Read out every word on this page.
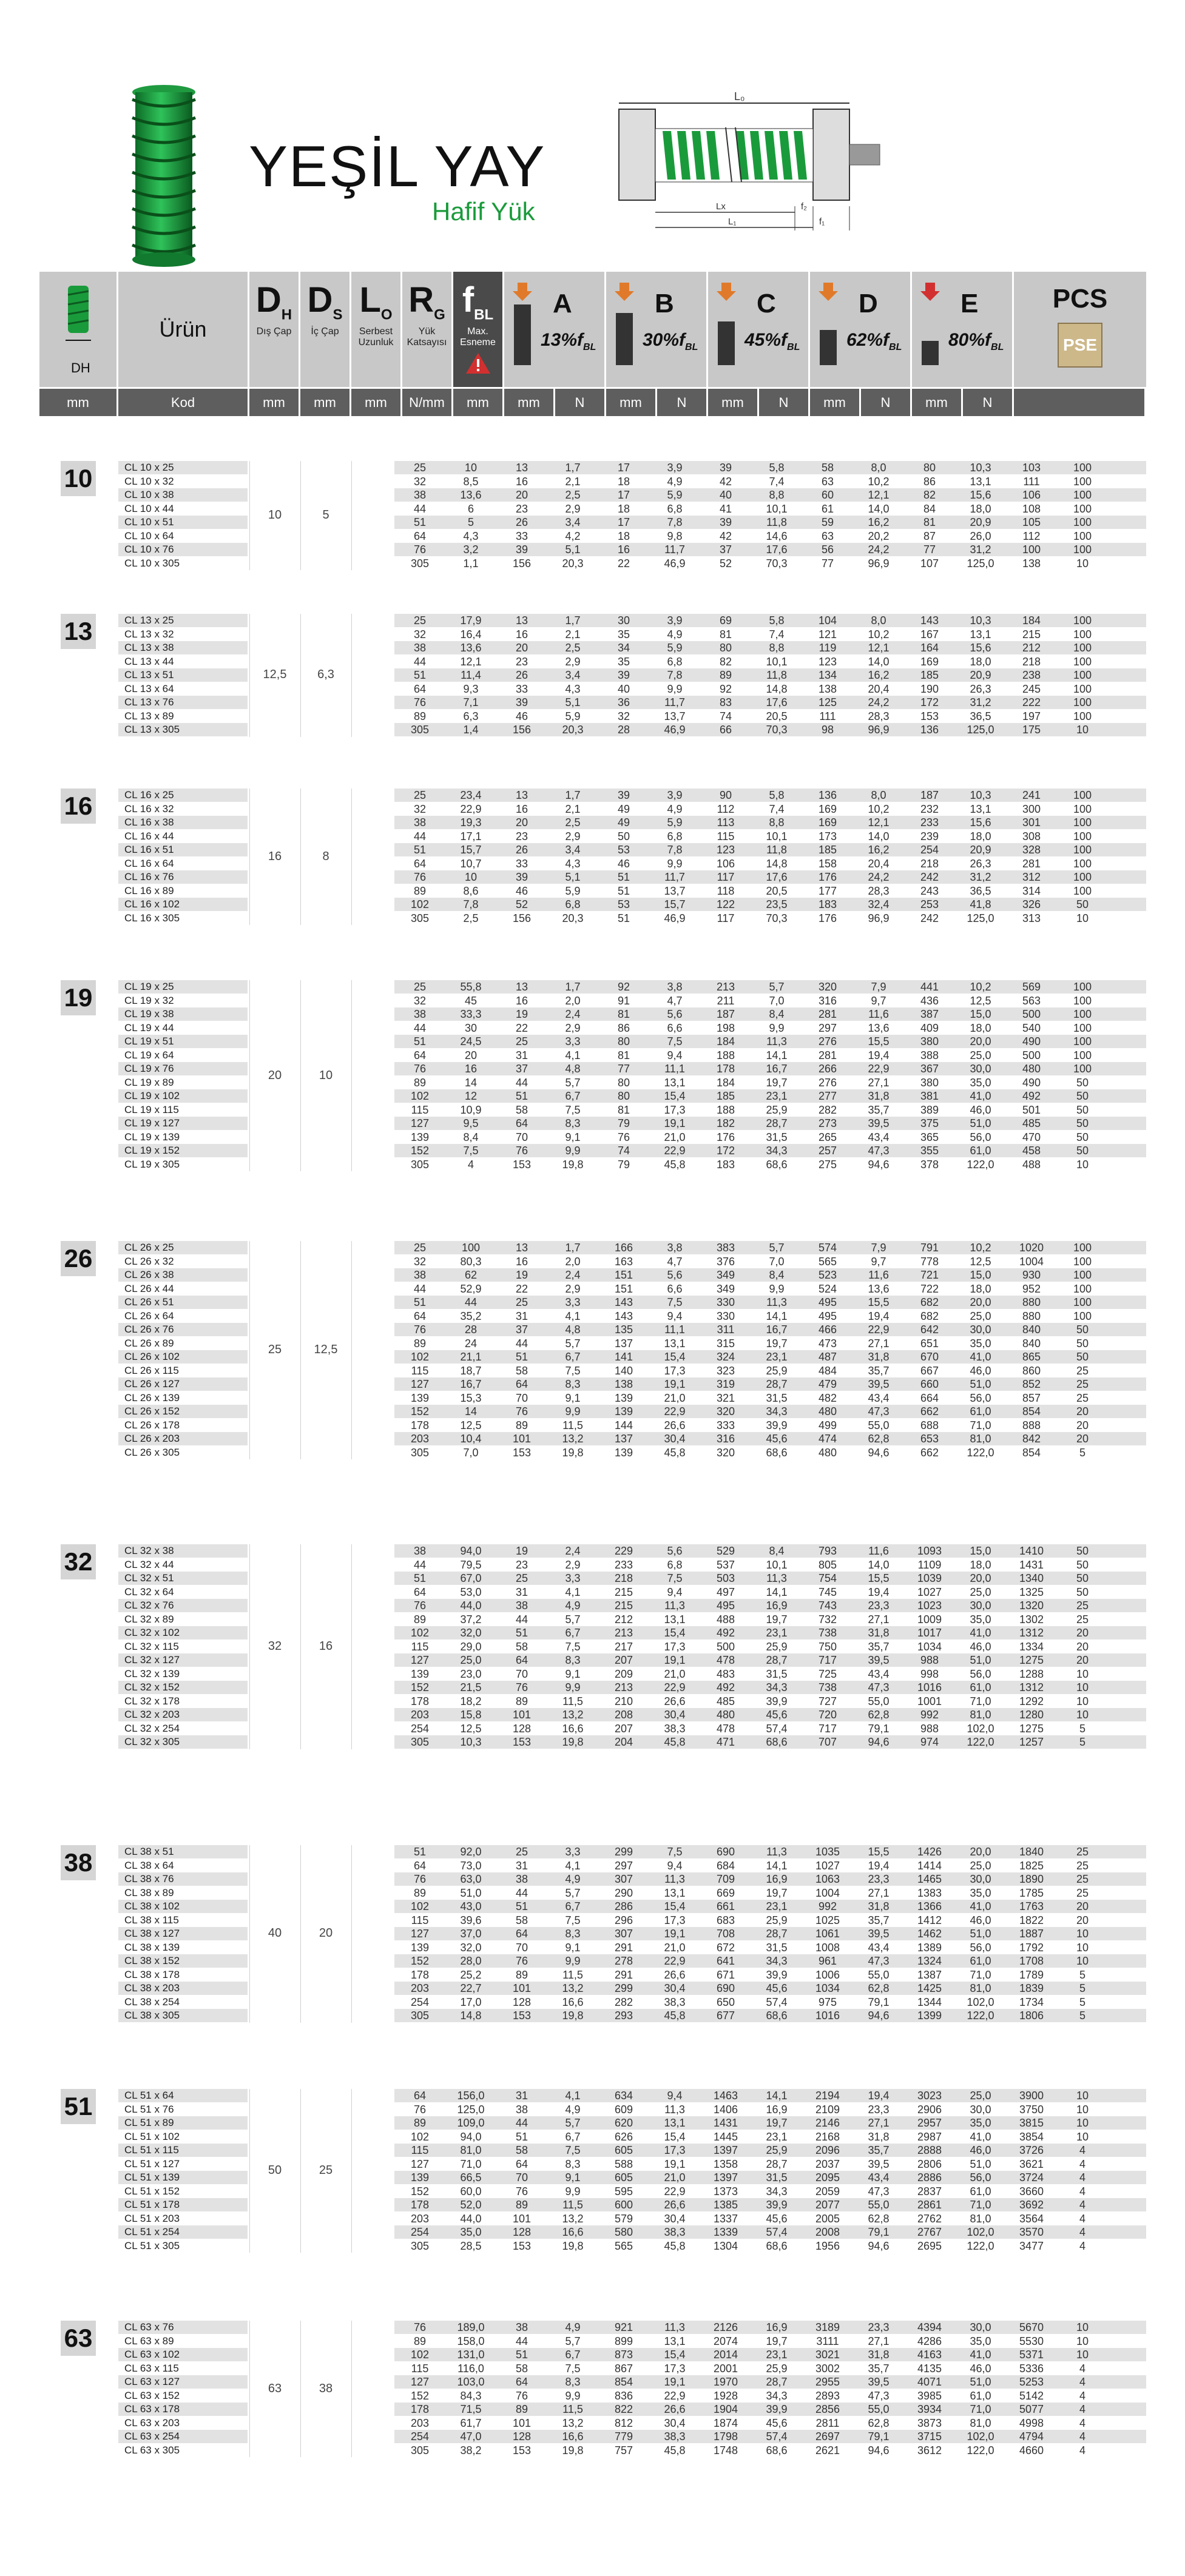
YEŞİL YAY
Hafif Yük
L₀
Lx
L₁
f₂
f₁
DH
Ürün
$D_H$
Dış Çap
$D_S$
İç Çap
$L_O$
Serbest Uzunluk
$R_G$
Yük Katsayısı
$f_{BL}$
Max. Esneme
A
$13\%f_{BL}$
B
$30\%f_{BL}$
C
$45\%f_{BL}$
D
$62\%f_{BL}$
E
$80\%f_{BL}$
PCS
PSE
mm	Kod	mm	mm	mm	N/mm	mm	mm	N	mm	N	mm	N	mm	N	mm	N
10
10	5
CL 10 x 25	25	10	13	1,7	17	3,9	39	5,8	58	8,0	80	10,3	103	100
CL 10 x 32	32	8,5	16	2,1	18	4,9	42	7,4	63	10,2	86	13,1	111	100
CL 10 x 38	38	13,6	20	2,5	17	5,9	40	8,8	60	12,1	82	15,6	106	100
CL 10 x 44	44	6	23	2,9	18	6,8	41	10,1	61	14,0	84	18,0	108	100
CL 10 x 51	51	5	26	3,4	17	7,8	39	11,8	59	16,2	81	20,9	105	100
CL 10 x 64	64	4,3	33	4,2	18	9,8	42	14,6	63	20,2	87	26,0	112	100
CL 10 x 76	76	3,2	39	5,1	16	11,7	37	17,6	56	24,2	77	31,2	100	100
CL 10 x 305	305	1,1	156	20,3	22	46,9	52	70,3	77	96,9	107	125,0	138	10
13
12,5	6,3
CL 13 x 25	25	17,9	13	1,7	30	3,9	69	5,8	104	8,0	143	10,3	184	100
CL 13 x 32	32	16,4	16	2,1	35	4,9	81	7,4	121	10,2	167	13,1	215	100
CL 13 x 38	38	13,6	20	2,5	34	5,9	80	8,8	119	12,1	164	15,6	212	100
CL 13 x 44	44	12,1	23	2,9	35	6,8	82	10,1	123	14,0	169	18,0	218	100
CL 13 x 51	51	11,4	26	3,4	39	7,8	89	11,8	134	16,2	185	20,9	238	100
CL 13 x 64	64	9,3	33	4,3	40	9,9	92	14,8	138	20,4	190	26,3	245	100
CL 13 x 76	76	7,1	39	5,1	36	11,7	83	17,6	125	24,2	172	31,2	222	100
CL 13 x 89	89	6,3	46	5,9	32	13,7	74	20,5	111	28,3	153	36,5	197	100
CL 13 x 305	305	1,4	156	20,3	28	46,9	66	70,3	98	96,9	136	125,0	175	10
16
16	8
CL 16 x 25	25	23,4	13	1,7	39	3,9	90	5,8	136	8,0	187	10,3	241	100
CL 16 x 32	32	22,9	16	2,1	49	4,9	112	7,4	169	10,2	232	13,1	300	100
CL 16 x 38	38	19,3	20	2,5	49	5,9	113	8,8	169	12,1	233	15,6	301	100
CL 16 x 44	44	17,1	23	2,9	50	6,8	115	10,1	173	14,0	239	18,0	308	100
CL 16 x 51	51	15,7	26	3,4	53	7,8	123	11,8	185	16,2	254	20,9	328	100
CL 16 x 64	64	10,7	33	4,3	46	9,9	106	14,8	158	20,4	218	26,3	281	100
CL 16 x 76	76	10	39	5,1	51	11,7	117	17,6	176	24,2	242	31,2	312	100
CL 16 x 89	89	8,6	46	5,9	51	13,7	118	20,5	177	28,3	243	36,5	314	100
CL 16 x 102	102	7,8	52	6,8	53	15,7	122	23,5	183	32,4	253	41,8	326	50
CL 16 x 305	305	2,5	156	20,3	51	46,9	117	70,3	176	96,9	242	125,0	313	10
19
20	10
CL 19 x 25	25	55,8	13	1,7	92	3,8	213	5,7	320	7,9	441	10,2	569	100
CL 19 x 32	32	45	16	2,0	91	4,7	211	7,0	316	9,7	436	12,5	563	100
CL 19 x 38	38	33,3	19	2,4	81	5,6	187	8,4	281	11,6	387	15,0	500	100
CL 19 x 44	44	30	22	2,9	86	6,6	198	9,9	297	13,6	409	18,0	540	100
CL 19 x 51	51	24,5	25	3,3	80	7,5	184	11,3	276	15,5	380	20,0	490	100
CL 19 x 64	64	20	31	4,1	81	9,4	188	14,1	281	19,4	388	25,0	500	100
CL 19 x 76	76	16	37	4,8	77	11,1	178	16,7	266	22,9	367	30,0	480	100
CL 19 x 89	89	14	44	5,7	80	13,1	184	19,7	276	27,1	380	35,0	490	50
CL 19 x 102	102	12	51	6,7	80	15,4	185	23,1	277	31,8	381	41,0	492	50
CL 19 x 115	115	10,9	58	7,5	81	17,3	188	25,9	282	35,7	389	46,0	501	50
CL 19 x 127	127	9,5	64	8,3	79	19,1	182	28,7	273	39,5	375	51,0	485	50
CL 19 x 139	139	8,4	70	9,1	76	21,0	176	31,5	265	43,4	365	56,0	470	50
CL 19 x 152	152	7,5	76	9,9	74	22,9	172	34,3	257	47,3	355	61,0	458	50
CL 19 x 305	305	4	153	19,8	79	45,8	183	68,6	275	94,6	378	122,0	488	10
26
25	12,5
CL 26 x 25	25	100	13	1,7	166	3,8	383	5,7	574	7,9	791	10,2	1020	100
CL 26 x 32	32	80,3	16	2,0	163	4,7	376	7,0	565	9,7	778	12,5	1004	100
CL 26 x 38	38	62	19	2,4	151	5,6	349	8,4	523	11,6	721	15,0	930	100
CL 26 x 44	44	52,9	22	2,9	151	6,6	349	9,9	524	13,6	722	18,0	952	100
CL 26 x 51	51	44	25	3,3	143	7,5	330	11,3	495	15,5	682	20,0	880	100
CL 26 x 64	64	35,2	31	4,1	143	9,4	330	14,1	495	19,4	682	25,0	880	100
CL 26 x 76	76	28	37	4,8	135	11,1	311	16,7	466	22,9	642	30,0	840	50
CL 26 x 89	89	24	44	5,7	137	13,1	315	19,7	473	27,1	651	35,0	840	50
CL 26 x 102	102	21,1	51	6,7	141	15,4	324	23,1	487	31,8	670	41,0	865	50
CL 26 x 115	115	18,7	58	7,5	140	17,3	323	25,9	484	35,7	667	46,0	860	25
CL 26 x 127	127	16,7	64	8,3	138	19,1	319	28,7	479	39,5	660	51,0	852	25
CL 26 x 139	139	15,3	70	9,1	139	21,0	321	31,5	482	43,4	664	56,0	857	25
CL 26 x 152	152	14	76	9,9	139	22,9	320	34,3	480	47,3	662	61,0	854	20
CL 26 x 178	178	12,5	89	11,5	144	26,6	333	39,9	499	55,0	688	71,0	888	20
CL 26 x 203	203	10,4	101	13,2	137	30,4	316	45,6	474	62,8	653	81,0	842	20
CL 26 x 305	305	7,0	153	19,8	139	45,8	320	68,6	480	94,6	662	122,0	854	5
32
32	16
CL 32 x 38	38	94,0	19	2,4	229	5,6	529	8,4	793	11,6	1093	15,0	1410	50
CL 32 x 44	44	79,5	23	2,9	233	6,8	537	10,1	805	14,0	1109	18,0	1431	50
CL 32 x 51	51	67,0	25	3,3	218	7,5	503	11,3	754	15,5	1039	20,0	1340	50
CL 32 x 64	64	53,0	31	4,1	215	9,4	497	14,1	745	19,4	1027	25,0	1325	50
CL 32 x 76	76	44,0	38	4,9	215	11,3	495	16,9	743	23,3	1023	30,0	1320	25
CL 32 x 89	89	37,2	44	5,7	212	13,1	488	19,7	732	27,1	1009	35,0	1302	25
CL 32 x 102	102	32,0	51	6,7	213	15,4	492	23,1	738	31,8	1017	41,0	1312	20
CL 32 x 115	115	29,0	58	7,5	217	17,3	500	25,9	750	35,7	1034	46,0	1334	20
CL 32 x 127	127	25,0	64	8,3	207	19,1	478	28,7	717	39,5	988	51,0	1275	20
CL 32 x 139	139	23,0	70	9,1	209	21,0	483	31,5	725	43,4	998	56,0	1288	10
CL 32 x 152	152	21,5	76	9,9	213	22,9	492	34,3	738	47,3	1016	61,0	1312	10
CL 32 x 178	178	18,2	89	11,5	210	26,6	485	39,9	727	55,0	1001	71,0	1292	10
CL 32 x 203	203	15,8	101	13,2	208	30,4	480	45,6	720	62,8	992	81,0	1280	10
CL 32 x 254	254	12,5	128	16,6	207	38,3	478	57,4	717	79,1	988	102,0	1275	5
CL 32 x 305	305	10,3	153	19,8	204	45,8	471	68,6	707	94,6	974	122,0	1257	5
38
40	20
CL 38 x 51	51	92,0	25	3,3	299	7,5	690	11,3	1035	15,5	1426	20,0	1840	25
CL 38 x 64	64	73,0	31	4,1	297	9,4	684	14,1	1027	19,4	1414	25,0	1825	25
CL 38 x 76	76	63,0	38	4,9	307	11,3	709	16,9	1063	23,3	1465	30,0	1890	25
CL 38 x 89	89	51,0	44	5,7	290	13,1	669	19,7	1004	27,1	1383	35,0	1785	25
CL 38 x 102	102	43,0	51	6,7	286	15,4	661	23,1	992	31,8	1366	41,0	1763	20
CL 38 x 115	115	39,6	58	7,5	296	17,3	683	25,9	1025	35,7	1412	46,0	1822	20
CL 38 x 127	127	37,0	64	8,3	307	19,1	708	28,7	1061	39,5	1462	51,0	1887	10
CL 38 x 139	139	32,0	70	9,1	291	21,0	672	31,5	1008	43,4	1389	56,0	1792	10
CL 38 x 152	152	28,0	76	9,9	278	22,9	641	34,3	961	47,3	1324	61,0	1708	10
CL 38 x 178	178	25,2	89	11,5	291	26,6	671	39,9	1006	55,0	1387	71,0	1789	5
CL 38 x 203	203	22,7	101	13,2	299	30,4	690	45,6	1034	62,8	1425	81,0	1839	5
CL 38 x 254	254	17,0	128	16,6	282	38,3	650	57,4	975	79,1	1344	102,0	1734	5
CL 38 x 305	305	14,8	153	19,8	293	45,8	677	68,6	1016	94,6	1399	122,0	1806	5
51
50	25
CL 51 x 64	64	156,0	31	4,1	634	9,4	1463	14,1	2194	19,4	3023	25,0	3900	10
CL 51 x 76	76	125,0	38	4,9	609	11,3	1406	16,9	2109	23,3	2906	30,0	3750	10
CL 51 x 89	89	109,0	44	5,7	620	13,1	1431	19,7	2146	27,1	2957	35,0	3815	10
CL 51 x 102	102	94,0	51	6,7	626	15,4	1445	23,1	2168	31,8	2987	41,0	3854	10
CL 51 x 115	115	81,0	58	7,5	605	17,3	1397	25,9	2096	35,7	2888	46,0	3726	4
CL 51 x 127	127	71,0	64	8,3	588	19,1	1358	28,7	2037	39,5	2806	51,0	3621	4
CL 51 x 139	139	66,5	70	9,1	605	21,0	1397	31,5	2095	43,4	2886	56,0	3724	4
CL 51 x 152	152	60,0	76	9,9	595	22,9	1373	34,3	2059	47,3	2837	61,0	3660	4
CL 51 x 178	178	52,0	89	11,5	600	26,6	1385	39,9	2077	55,0	2861	71,0	3692	4
CL 51 x 203	203	44,0	101	13,2	579	30,4	1337	45,6	2005	62,8	2762	81,0	3564	4
CL 51 x 254	254	35,0	128	16,6	580	38,3	1339	57,4	2008	79,1	2767	102,0	3570	4
CL 51 x 305	305	28,5	153	19,8	565	45,8	1304	68,6	1956	94,6	2695	122,0	3477	4
63
63	38
CL 63 x 76	76	189,0	38	4,9	921	11,3	2126	16,9	3189	23,3	4394	30,0	5670	10
CL 63 x 89	89	158,0	44	5,7	899	13,1	2074	19,7	3111	27,1	4286	35,0	5530	10
CL 63 x 102	102	131,0	51	6,7	873	15,4	2014	23,1	3021	31,8	4163	41,0	5371	10
CL 63 x 115	115	116,0	58	7,5	867	17,3	2001	25,9	3002	35,7	4135	46,0	5336	4
CL 63 x 127	127	103,0	64	8,3	854	19,1	1970	28,7	2955	39,5	4071	51,0	5253	4
CL 63 x 152	152	84,3	76	9,9	836	22,9	1928	34,3	2893	47,3	3985	61,0	5142	4
CL 63 x 178	178	71,5	89	11,5	822	26,6	1904	39,9	2856	55,0	3934	71,0	5077	4
CL 63 x 203	203	61,7	101	13,2	812	30,4	1874	45,6	2811	62,8	3873	81,0	4998	4
CL 63 x 254	254	47,0	128	16,6	779	38,3	1798	57,4	2697	79,1	3715	102,0	4794	4
CL 63 x 305	305	38,2	153	19,8	757	45,8	1748	68,6	2621	94,6	3612	122,0	4660	4
